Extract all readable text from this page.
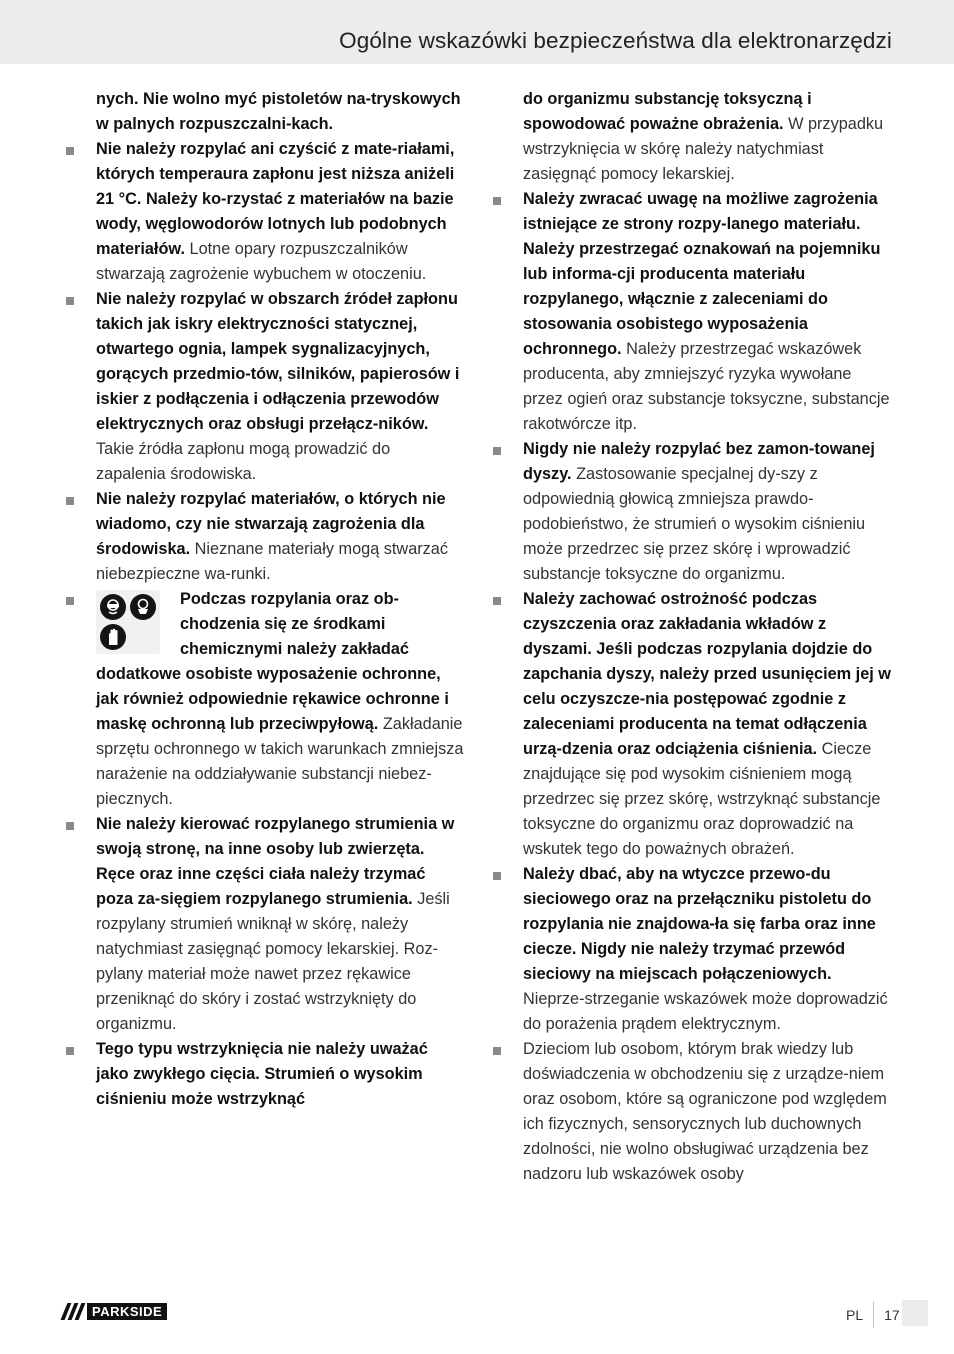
Ogólne wskazówki bezpieczeństwa dla elektronarzędzi

nych. Nie wolno myć pistoletów na-tryskowych w palnych rozpuszczalni-kach.

Nie należy rozpylać ani czyścić z mate-riałami, których temperaura zapłonu jest niższa aniżeli 21 °C. Należy ko-rzystać z materiałów na bazie wody, węglowodorów lotnych lub podobnych materiałów. Lotne opary rozpuszczalników stwarzają zagrożenie wybuchem w otoczeniu.

Nie należy rozpylać w obszarch źródeł zapłonu takich jak iskry elektryczności statycznej, otwartego ognia, lampek sygnalizacyjnych, gorących przedmio-tów, silników, papierosów i iskier z podłączenia i odłączenia przewodów elektrycznych oraz obsługi przełącz-ników. Takie źródła zapłonu mogą prowadzić do zapalenia środowiska.

Nie należy rozpylać materiałów, o których nie wiadomo, czy nie stwarzają zagrożenia dla środowiska. Nieznane materiały mogą stwarzać niebezpieczne wa-runki.

Podczas rozpylania oraz ob-chodzenia się ze środkami chemicznymi należy zakładać dodatkowe osobiste wyposażenie ochronne, jak również odpowiednie rękawice ochronne i maskę ochronną lub przeciwpyłową. Zakładanie sprzętu ochronnego w takich warunkach zmniejsza narażenie na oddziaływanie substancji niebez-piecznych.

Nie należy kierować rozpylanego strumienia w swoją stronę, na inne osoby lub zwierzęta. Ręce oraz inne części ciała należy trzymać poza za-sięgiem rozpylanego strumienia. Jeśli rozpylany strumień wniknął w skórę, należy natychmiast zasięgnąć pomocy lekarskiej. Roz-pylany materiał może nawet przez rękawice przeniknąć do skóry i zostać wstrzyknięty do organizmu.

Tego typu wstrzyknięcia nie należy uważać jako zwykłego cięcia. Strumień o wysokim ciśnieniu może wstrzyknąć

do organizmu substancję toksyczną i spowodować poważne obrażenia. W przypadku wstrzyknięcia w skórę należy natychmiast zasięgnąć pomocy lekarskiej.

Należy zwracać uwagę na możliwe zagrożenia istniejące ze strony rozpy-lanego materiału. Należy przestrzegać oznakowań na pojemniku lub informa-cji producenta materiału rozpylanego, włącznie z zaleceniami do stosowania osobistego wyposażenia ochronnego. Należy przestrzegać wskazówek producenta, aby zmniejszyć ryzyka wywołane przez ogień oraz substancje toksyczne, substancje rakotwórcze itp.

Nigdy nie należy rozpylać bez zamon-towanej dyszy. Zastosowanie specjalnej dy-szy z odpowiednią głowicą zmniejsza prawdo-podobieństwo, że strumień o wysokim ciśnieniu może przedrzec się przez skórę i wprowadzić substancje toksyczne do organizmu.

Należy zachować ostrożność podczas czyszczenia oraz zakładania wkładów z dyszami. Jeśli podczas rozpylania dojdzie do zapchania dyszy, należy przed usunięciem jej w celu oczyszcze-nia postępować zgodnie z zaleceniami producenta na temat odłączenia urzą-dzenia oraz odciążenia ciśnienia. Ciecze znajdujące się pod wysokim ciśnieniem mogą przedrzec się przez skórę, wstrzyknąć substancje toksyczne do organizmu oraz doprowadzić na wskutek tego do poważnych obrażeń.

Należy dbać, aby na wtyczce przewo-du sieciowego oraz na przełączniku pistoletu do rozpylania nie znajdowa-ła się farba oraz inne ciecze. Nigdy nie należy trzymać przewód sieciowy na miejscach połączeniowych. Nieprze-strzeganie wskazówek może doprowadzić do porażenia prądem elektrycznym.

Dzieciom lub osobom, którym brak wiedzy lub doświadczenia w obchodzeniu się z urządze-niem oraz osobom, które są ograniczone pod względem ich fizycznych, sensorycznych lub duchownych zdolności, nie wolno obsługiwać urządzenia bez nadzoru lub wskazówek osoby

PARKSIDE	PL 17
